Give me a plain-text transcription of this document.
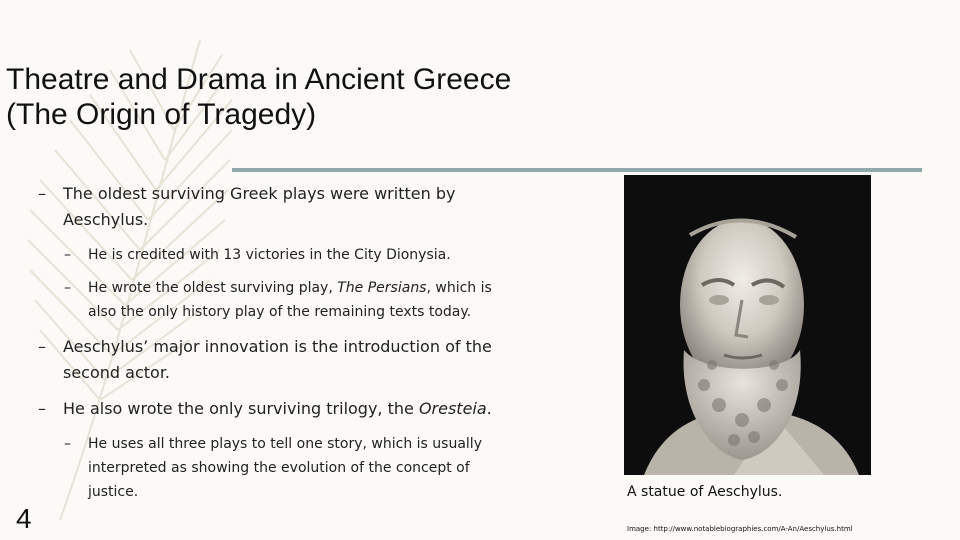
Theatre and Drama in Ancient Greece
(The Origin of Tragedy)
–	The oldest surviving Greek plays were written by Aeschylus.
–	He is credited with 13 victories in the City Dionysia.
–	He wrote the oldest surviving play, The Persians, which is also the only history play of the remaining texts today.
–	Aeschylus’ major innovation is the introduction of the second actor.
–	He also wrote the only surviving trilogy, the Oresteia.
–	He uses all three plays to tell one story, which is usually interpreted as showing the evolution of the concept of justice.	A statue of Aeschylus.
Image: http://www.notablebiographies.com/A-An/Aeschylus.html
4
